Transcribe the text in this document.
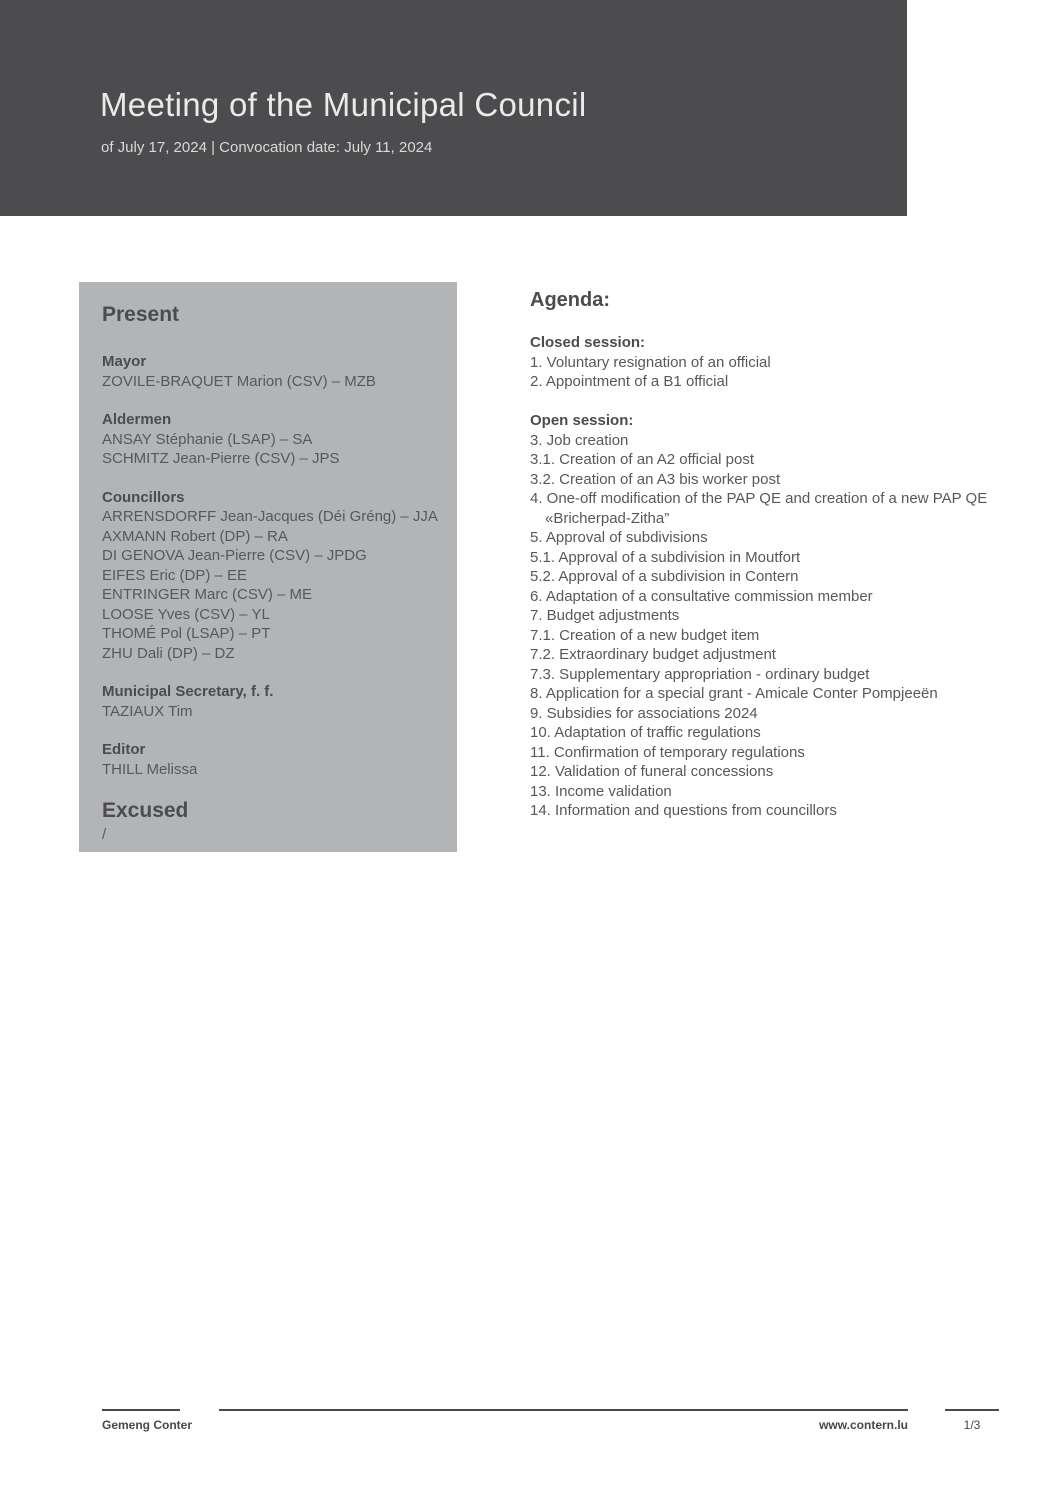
Meeting of the Municipal Council
of July 17, 2024 | Convocation date: July 11, 2024
Present
Mayor
ZOVILE-BRAQUET Marion (CSV) – MZB
Aldermen
ANSAY Stéphanie (LSAP) – SA
SCHMITZ Jean-Pierre (CSV) – JPS
Councillors
ARRENSDORFF Jean-Jacques (Déi Gréng) – JJA
AXMANN Robert (DP) – RA
DI GENOVA Jean-Pierre (CSV) – JPDG
EIFES Eric (DP) – EE
ENTRINGER Marc (CSV) – ME
LOOSE Yves (CSV) – YL
THOMÉ Pol (LSAP) – PT
ZHU Dali (DP) – DZ
Municipal Secretary, f. f.
TAZIAUX Tim
Editor
THILL Melissa
Excused
/
Agenda:
Closed session:
1. Voluntary resignation of an official
2. Appointment of a B1 official
Open session:
3. Job creation
3.1. Creation of an A2 official post
3.2. Creation of an A3 bis worker post
4. One-off modification of the PAP QE and creation of a new PAP QE «Bricherpad-Zitha”
5. Approval of subdivisions
5.1. Approval of a subdivision in Moutfort
5.2. Approval of a subdivision in Contern
6. Adaptation of a consultative commission member
7. Budget adjustments
7.1. Creation of a new budget item
7.2. Extraordinary budget adjustment
7.3. Supplementary appropriation - ordinary budget
8. Application for a special grant - Amicale Conter Pompjeeën
9. Subsidies for associations 2024
10. Adaptation of traffic regulations
11. Confirmation of temporary regulations
12. Validation of funeral concessions
13. Income validation
14. Information and questions from councillors
Gemeng Conter	www.contern.lu	1/3
